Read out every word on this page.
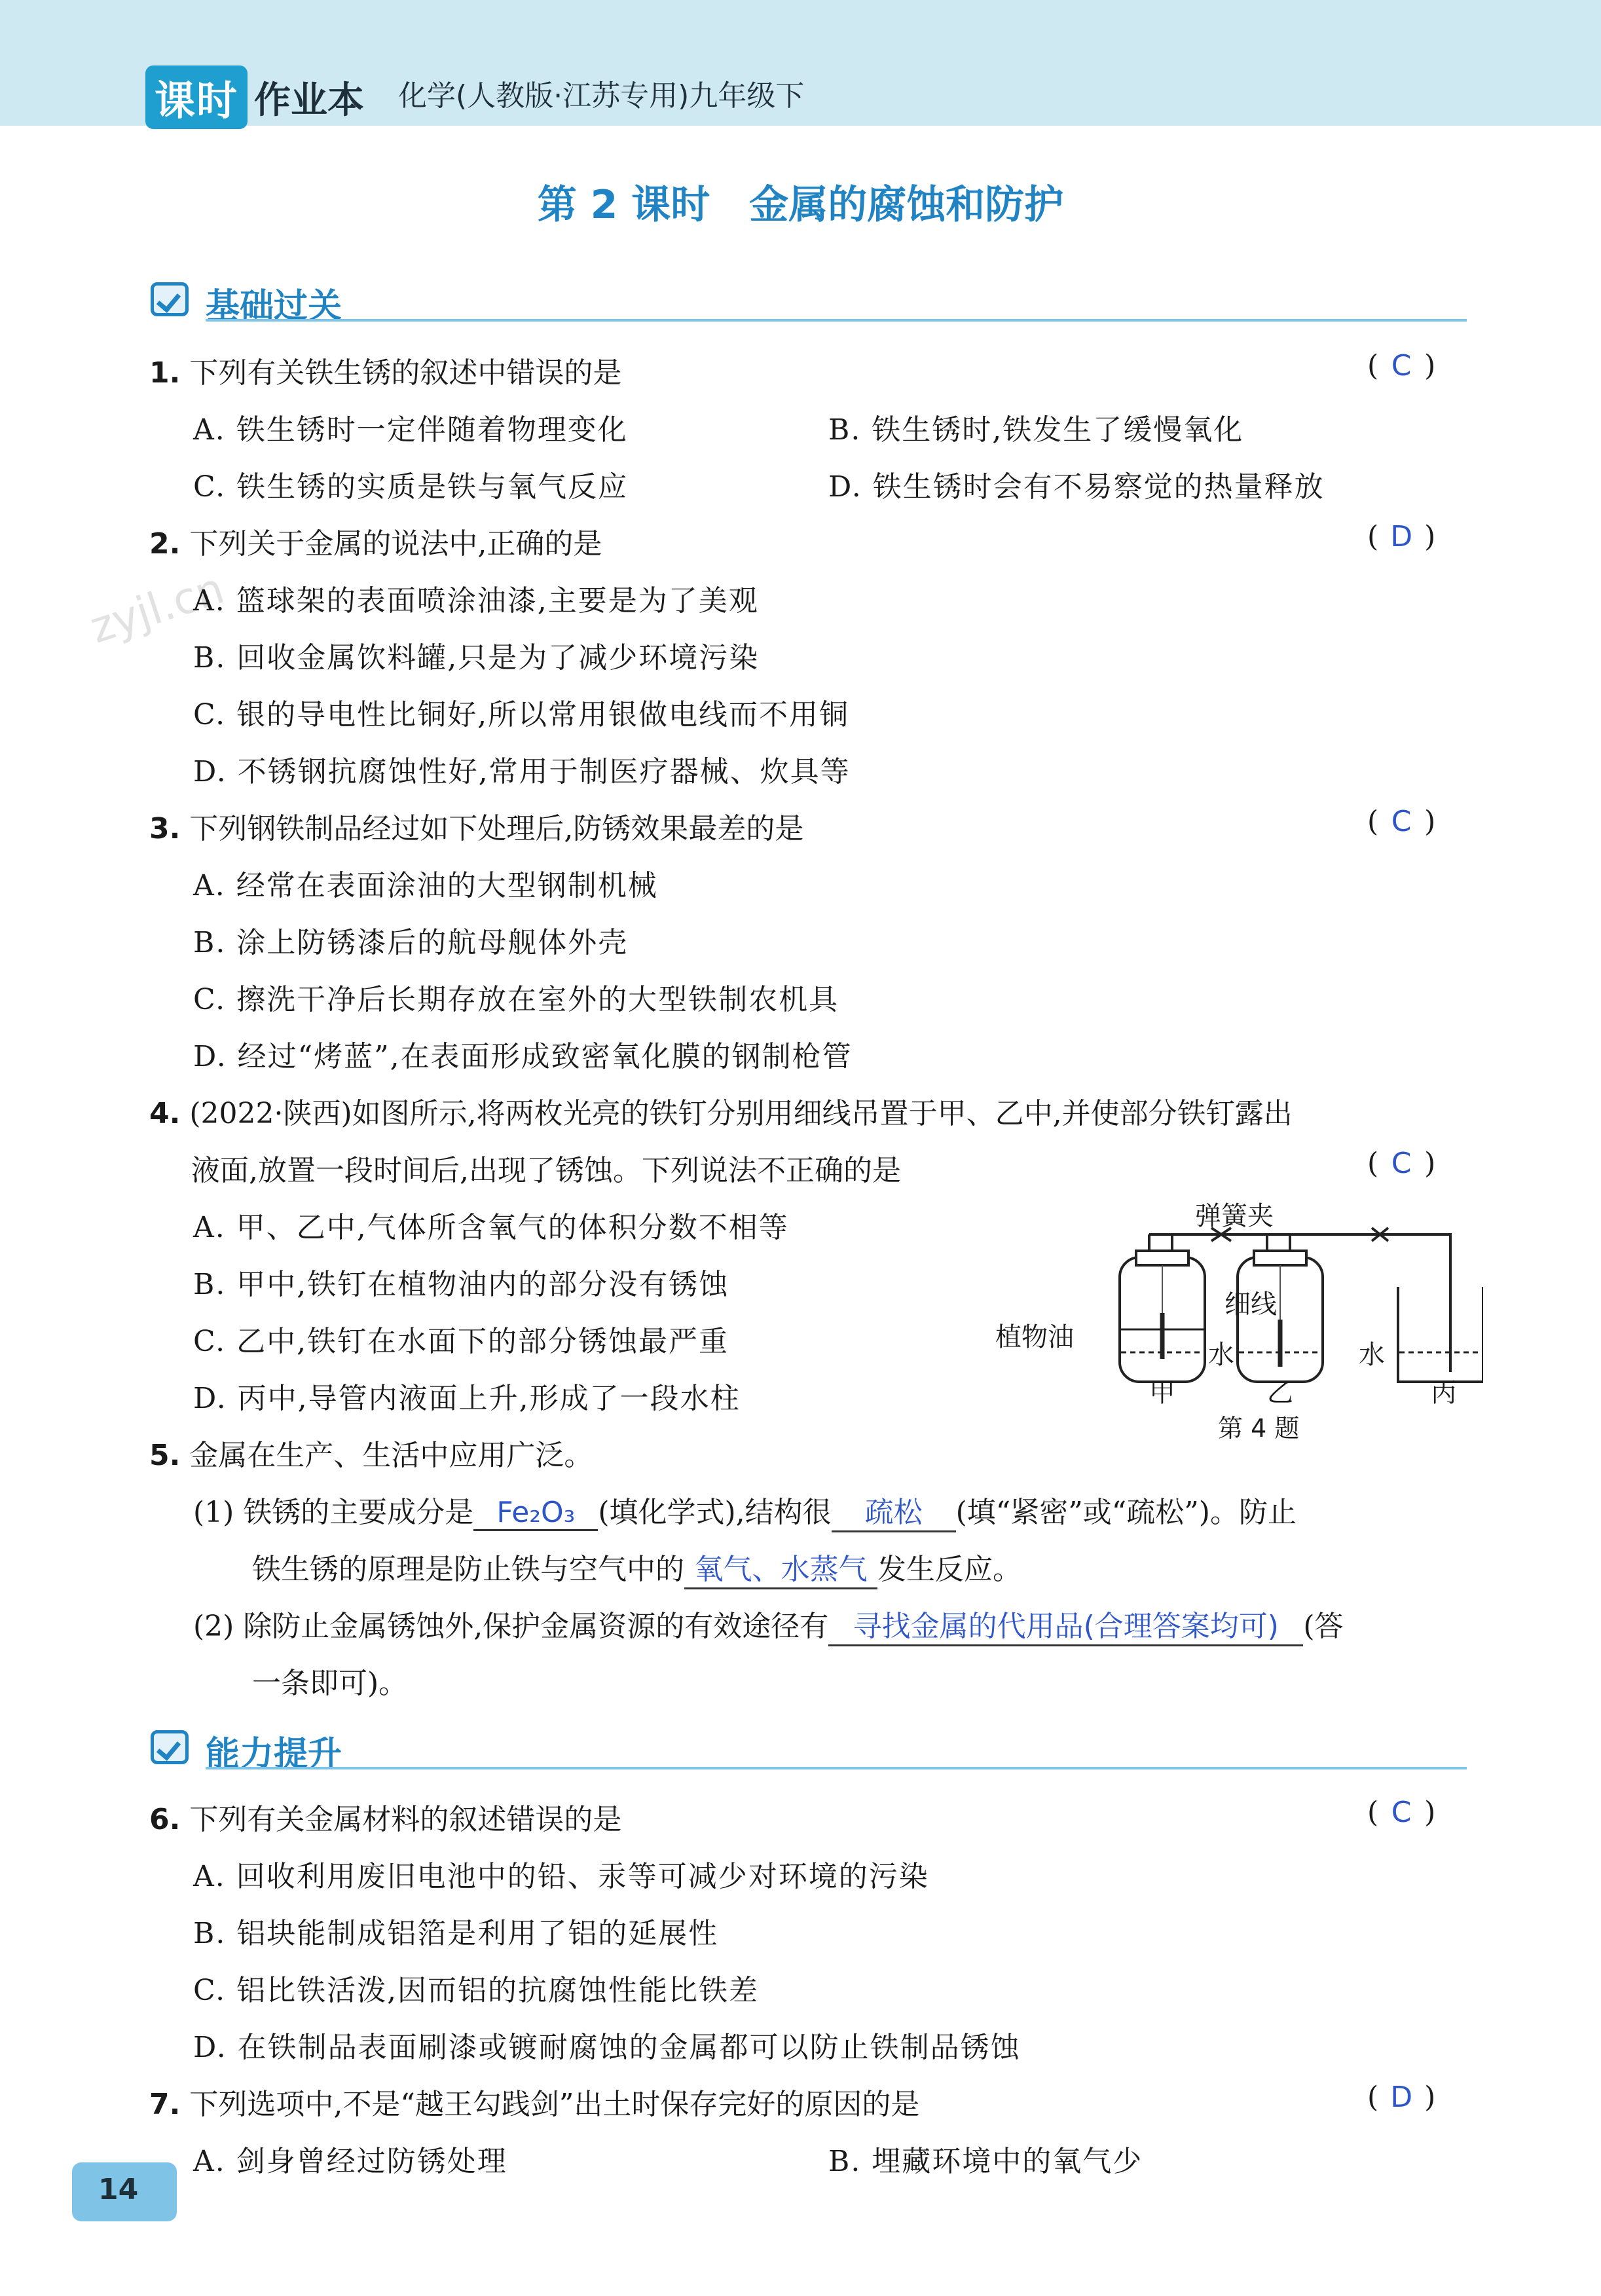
课时 作业本 化学(人教版·江苏专用)九年级下
第 2 课时　金属的腐蚀和防护
基础过关
zyjl.cn
1. 下列有关铁生锈的叙述中错误的是	( C )
A. 铁生锈时一定伴随着物理变化	B. 铁生锈时,铁发生了缓慢氧化
C. 铁生锈的实质是铁与氧气反应	D. 铁生锈时会有不易察觉的热量释放
2. 下列关于金属的说法中,正确的是	( D )
A. 篮球架的表面喷涂油漆,主要是为了美观
B. 回收金属饮料罐,只是为了减少环境污染
C. 银的导电性比铜好,所以常用银做电线而不用铜
D. 不锈钢抗腐蚀性好,常用于制医疗器械、炊具等
3. 下列钢铁制品经过如下处理后,防锈效果最差的是	( C )
A. 经常在表面涂油的大型钢制机械
B. 涂上防锈漆后的航母舰体外壳
C. 擦洗干净后长期存放在室外的大型铁制农机具
D. 经过“烤蓝”,在表面形成致密氧化膜的钢制枪管
4. (2022·陕西)如图所示,将两枚光亮的铁钉分别用细线吊置于甲、乙中,并使部分铁钉露出
液面,放置一段时间后,出现了锈蚀。下列说法不正确的是	( C )
A. 甲、乙中,气体所含氧气的体积分数不相等
B. 甲中,铁钉在植物油内的部分没有锈蚀
C. 乙中,铁钉在水面下的部分锈蚀最严重
D. 丙中,导管内液面上升,形成了一段水柱
弹簧夹
细线
植物油
水	水
甲	乙	丙
第 4 题
5. 金属在生产、生活中应用广泛。
(1) 铁锈的主要成分是 Fe₂O₃ (填化学式),结构很 疏松 (填“紧密”或“疏松”)。防止
铁生锈的原理是防止铁与空气中的 氧气、水蒸气 发生反应。
(2) 除防止金属锈蚀外,保护金属资源的有效途径有 寻找金属的代用品(合理答案均可) (答
一条即可)。
能力提升
6. 下列有关金属材料的叙述错误的是	( C )
A. 回收利用废旧电池中的铅、汞等可减少对环境的污染
B. 铝块能制成铝箔是利用了铝的延展性
C. 铝比铁活泼,因而铝的抗腐蚀性能比铁差
D. 在铁制品表面刷漆或镀耐腐蚀的金属都可以防止铁制品锈蚀
7. 下列选项中,不是“越王勾践剑”出土时保存完好的原因的是	( D )
A. 剑身曾经过防锈处理	B. 埋藏环境中的氧气少
14
